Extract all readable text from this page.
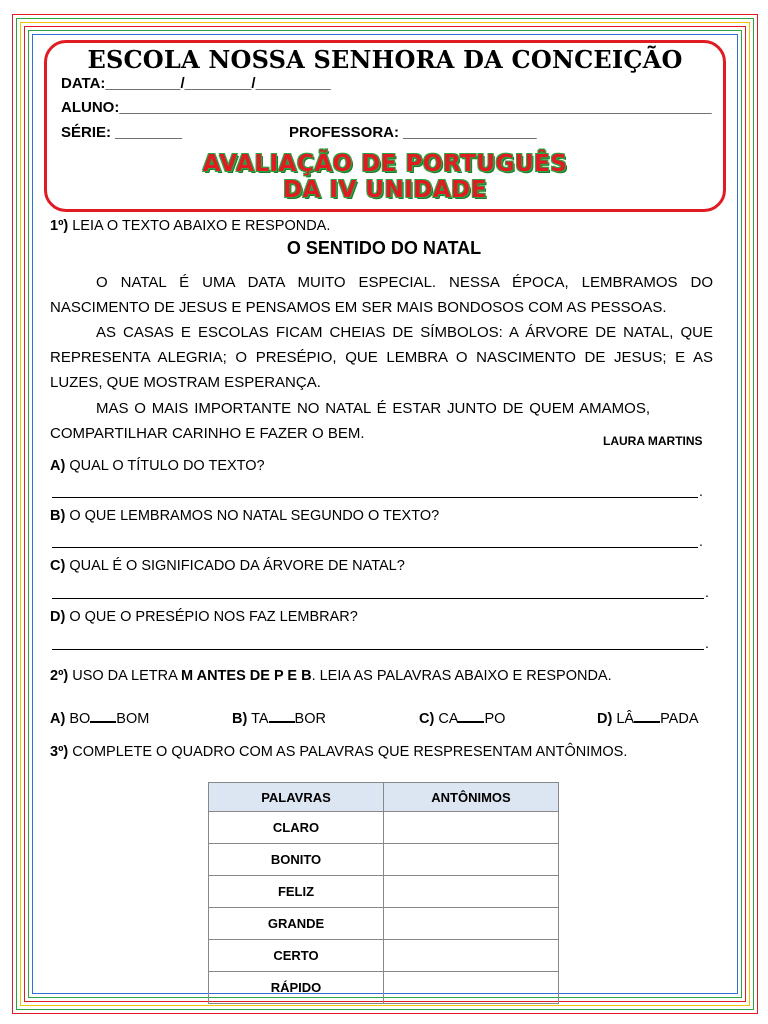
ESCOLA NOSSA SENHORA DA CONCEIÇÃO
DATA:_________/________/_________
ALUNO:_______________________________________________________________________
SÉRIE: ________	PROFESSORA: ________________
AVALIAÇÃO DE PORTUGUÊS
DA IV UNIDADE
1º) LEIA O TEXTO ABAIXO E RESPONDA.
O SENTIDO DO NATAL

O NATAL É UMA DATA MUITO ESPECIAL. NESSA ÉPOCA, LEMBRAMOS DO NASCIMENTO DE JESUS E PENSAMOS EM SER MAIS BONDOSOS COM AS PESSOAS.

AS CASAS E ESCOLAS FICAM CHEIAS DE SÍMBOLOS: A ÁRVORE DE NATAL, QUE REPRESENTA ALEGRIA; O PRESÉPIO, QUE LEMBRA O NASCIMENTO DE JESUS; E AS LUZES, QUE MOSTRAM ESPERANÇA.

MAS O MAIS IMPORTANTE NO NATAL É ESTAR JUNTO DE QUEM AMAMOS, COMPARTILHAR CARINHO E FAZER O BEM.	LAURA MARTINS
A) QUAL O TÍTULO DO TEXTO?
.
B) O QUE LEMBRAMOS NO NATAL SEGUNDO O TEXTO?
.
C) QUAL É O SIGNIFICADO DA ÁRVORE DE NATAL?
.
D) O QUE O PRESÉPIO NOS FAZ LEMBRAR?
.
2º) USO DA LETRA M ANTES DE P E B. LEIA AS PALAVRAS ABAIXO E RESPONDA.
A) BO BOM	B) TA BOR	C) CA PO	D) LÂ PADA
3º) COMPLETE O QUADRO COM AS PALAVRAS QUE RESPRESENTAM ANTÔNIMOS.
PALAVRAS	ANTÔNIMOS
CLARO	
BONITO	
FELIZ	
GRANDE	
CERTO	
RÁPIDO	
